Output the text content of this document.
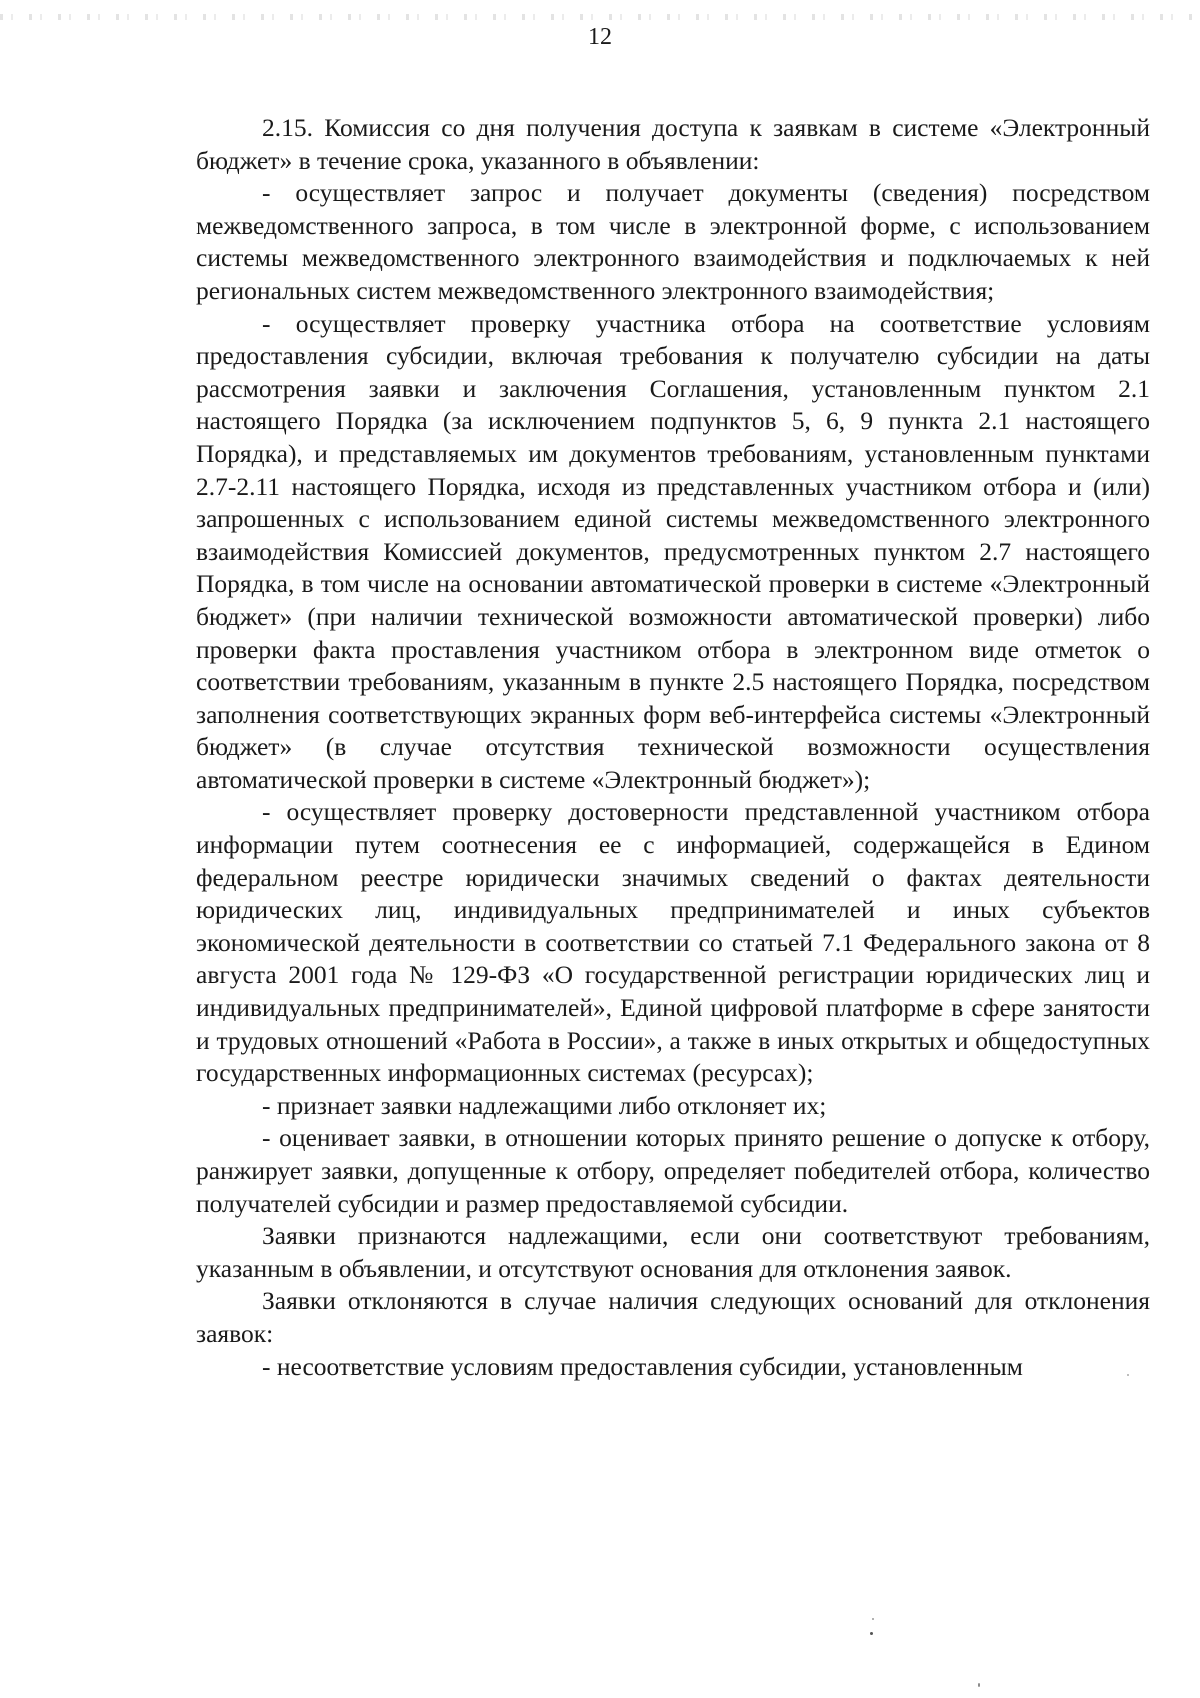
12

2.15. Комиссия со дня получения доступа к заявкам в системе «Электронный бюджет» в течение срока, указанного в объявлении:

- осуществляет запрос и получает документы (сведения) посредством межведомственного запроса, в том числе в электронной форме, с использованием системы межведомственного электронного взаимодействия и подключаемых к ней региональных систем межведомственного электронного взаимодействия;

- осуществляет проверку участника отбора на соответствие условиям предоставления субсидии, включая требования к получателю субсидии на даты рассмотрения заявки и заключения Соглашения, установленным пунктом 2.1 настоящего Порядка (за исключением подпунктов 5, 6, 9 пункта 2.1 настоящего Порядка), и представляемых им документов требованиям, установленным пунктами 2.7-2.11 настоящего Порядка, исходя из представленных участником отбора и (или) запрошенных с использованием единой системы межведомственного электронного взаимодействия Комиссией документов, предусмотренных пунктом 2.7 настоящего Порядка, в том числе на основании автоматической проверки в системе «Электронный бюджет» (при наличии технической возможности автоматической проверки) либо проверки факта проставления участником отбора в электронном виде отметок о соответствии требованиям, указанным в пункте 2.5 настоящего Порядка, посредством заполнения соответствующих экранных форм веб-интерфейса системы «Электронный бюджет» (в случае отсутствия технической возможности осуществления автоматической проверки в системе «Электронный бюджет»);

- осуществляет проверку достоверности представленной участником отбора информации путем соотнесения ее с информацией, содержащейся в Едином федеральном реестре юридически значимых сведений о фактах деятельности юридических лиц, индивидуальных предпринимателей и иных субъектов экономической деятельности в соответствии со статьей 7.1 Федерального закона от 8 августа 2001 года № 129-ФЗ «О государственной регистрации юридических лиц и индивидуальных предпринимателей», Единой цифровой платформе в сфере занятости и трудовых отношений «Работа в России», а также в иных открытых и общедоступных государственных информационных системах (ресурсах);

- признает заявки надлежащими либо отклоняет их;

- оценивает заявки, в отношении которых принято решение о допуске к отбору, ранжирует заявки, допущенные к отбору, определяет победителей отбора, количество получателей субсидии и размер предоставляемой субсидии.

Заявки признаются надлежащими, если они соответствуют требованиям, указанным в объявлении, и отсутствуют основания для отклонения заявок.

Заявки отклоняются в случае наличия следующих оснований для отклонения заявок:

- несоответствие условиям предоставления субсидии, установленным
